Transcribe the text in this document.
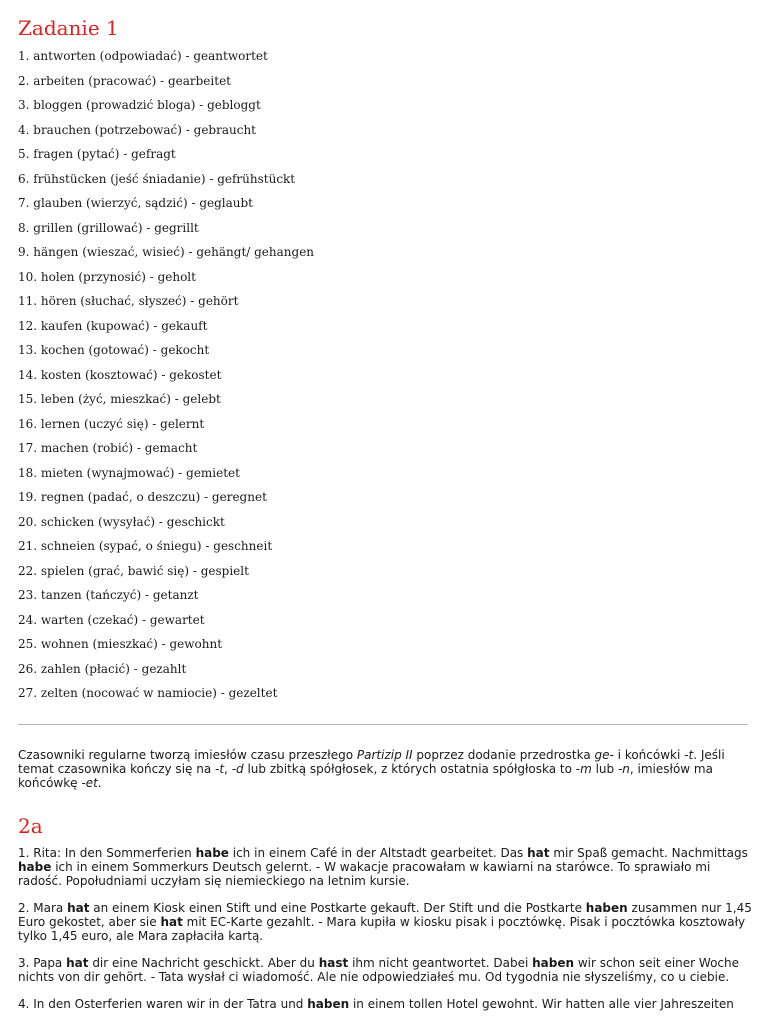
Zadanie 1
1. antworten (odpowiadać) - geantwortet
2. arbeiten (pracować) - gearbeitet
3. bloggen (prowadzić bloga) - gebloggt
4. brauchen (potrzebować) - gebraucht
5. fragen (pytać) - gefragt
6. frühstücken (jeść śniadanie) - gefrühstückt
7. glauben (wierzyć, sądzić) - geglaubt
8. grillen (grillować) - gegrillt
9. hängen (wieszać, wisieć) - gehängt/ gehangen
10. holen (przynosić) - geholt
11. hören (słuchać, słyszeć) - gehört
12. kaufen (kupować) - gekauft
13. kochen (gotować) - gekocht
14. kosten (kosztować) - gekostet
15. leben (żyć, mieszkać) - gelebt
16. lernen (uczyć się) - gelernt
17. machen (robić) - gemacht
18. mieten (wynajmować) - gemietet
19. regnen (padać, o deszczu) - geregnet
20. schicken (wysyłać) - geschickt
21. schneien (sypać, o śniegu) - geschneit
22. spielen (grać, bawić się) - gespielt
23. tanzen (tańczyć) - getanzt
24. warten (czekać) - gewartet
25. wohnen (mieszkać) - gewohnt
26. zahlen (płacić) - gezahlt
27. zelten (nocować w namiocie) - gezeltet

Czasowniki regularne tworzą imiesłów czasu przeszłego Partizip II poprzez dodanie przedrostka ge- i końcówki -t. Jeśli temat czasownika kończy się na -t, -d lub zbitką spółgłosek, z których ostatnia spółgłoska to -m lub -n, imiesłów ma końcówkę -et.

2a

1. Rita: In den Sommerferien habe ich in einem Café in der Altstadt gearbeitet. Das hat mir Spaß gemacht. Nachmittags habe ich in einem Sommerkurs Deutsch gelernt. - W wakacje pracowałam w kawiarni na starówce. To sprawiało mi radość. Popołudniami uczyłam się niemieckiego na letnim kursie.

2. Mara hat an einem Kiosk einen Stift und eine Postkarte gekauft. Der Stift und die Postkarte haben zusammen nur 1,45 Euro gekostet, aber sie hat mit EC-Karte gezahlt. - Mara kupiła w kiosku pisak i pocztówkę. Pisak i pocztówka kosztowały tylko 1,45 euro, ale Mara zapłaciła kartą.

3. Papa hat dir eine Nachricht geschickt. Aber du hast ihm nicht geantwortet. Dabei haben wir schon seit einer Woche nichts von dir gehört. - Tata wysłał ci wiadomość. Ale nie odpowiedziałeś mu. Od tygodnia nie słyszeliśmy, co u ciebie.

4. In den Osterferien waren wir in der Tatra und haben in einem tollen Hotel gewohnt. Wir hatten alle vier Jahreszeiten
